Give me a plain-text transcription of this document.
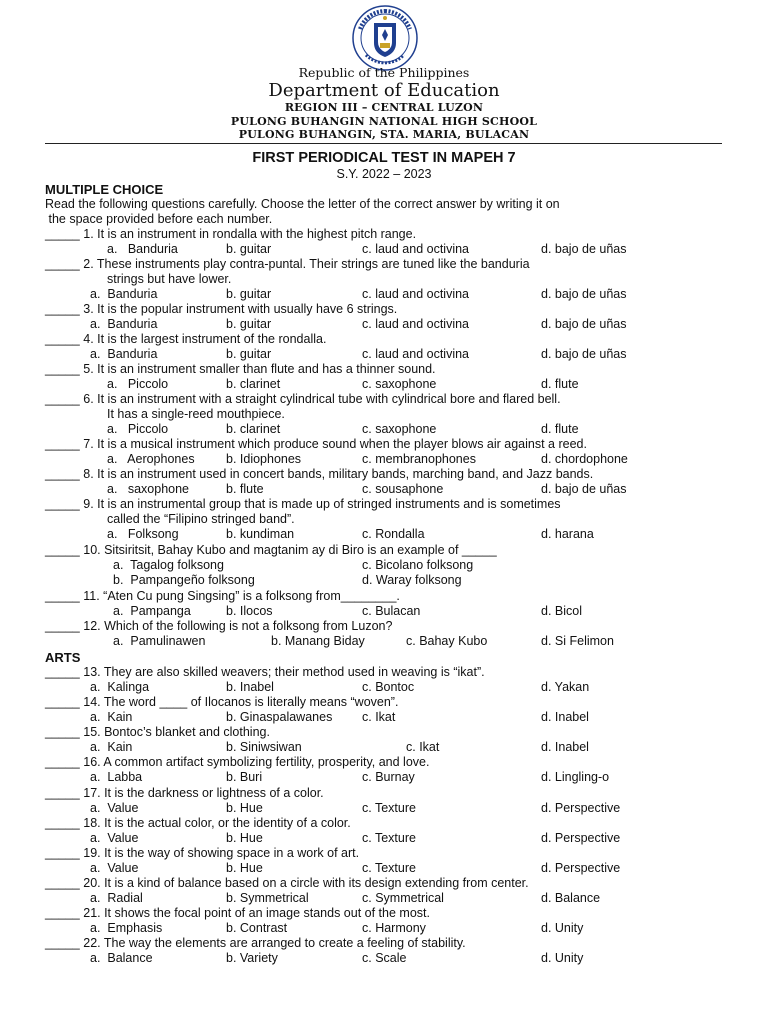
Republic of the Philippines
Department of Education
REGION III – CENTRAL LUZON
PULONG BUHANGIN NATIONAL HIGH SCHOOL
PULONG BUHANGIN, STA. MARIA, BULACAN
FIRST PERIODICAL TEST IN MAPEH 7
S.Y. 2022 – 2023
MULTIPLE CHOICE
Read the following questions carefully. Choose the letter of the correct answer by writing it on
the space provided before each number.
_____ 1. It is an instrument in rondalla with the highest pitch range.
a.   Banduria	b. guitar	c. laud and octivina	d. bajo de uñas
_____ 2. These instruments play contra-puntal. Their strings are tuned like the banduria
strings but have lower.
a.  Banduria	b. guitar	c. laud and octivina	d. bajo de uñas
_____ 3. It is the popular instrument with usually have 6 strings.
a.  Banduria	b. guitar	c. laud and octivina	d. bajo de uñas
_____ 4. It is the largest instrument of the rondalla.
a.  Banduria	b. guitar	c. laud and octivina	d. bajo de uñas
_____ 5. It is an instrument smaller than flute and has a thinner sound.
a.   Piccolo	b. clarinet	c. saxophone	d. flute
_____ 6. It is an instrument with a straight cylindrical tube with cylindrical bore and flared bell.
It has a single-reed mouthpiece.
a.   Piccolo	b. clarinet	c. saxophone	d. flute
_____ 7. It is a musical instrument which produce sound when the player blows air against a reed.
a.   Aerophones	b. Idiophones	c. membranophones	d. chordophone
_____ 8. It is an instrument used in concert bands, military bands, marching band, and Jazz bands.
a.   saxophone	b. flute	c. sousaphone	d. bajo de uñas
_____ 9. It is an instrumental group that is made up of stringed instruments and is sometimes
called the “Filipino stringed band”.
a.   Folksong	b. kundiman	c. Rondalla	d. harana
_____ 10. Sitsiritsit, Bahay Kubo and magtanim ay di Biro is an example of _____
a.  Tagalog folksong
b.  Pampangeño folksong
c. Bicolano folksong
d. Waray folksong
_____ 11. “Aten Cu pung Singsing” is a folksong from________.
a.  Pampanga	b. Ilocos	c. Bulacan	d. Bicol
_____ 12. Which of the following is not a folksong from Luzon?
a.  Pamulinawen	b. Manang Biday	c. Bahay Kubo	d. Si Felimon
ARTS
_____ 13. They are also skilled weavers; their method used in weaving is “ikat”.
a.  Kalinga	b. Inabel	c. Bontoc	d. Yakan
_____ 14. The word ____ of Ilocanos is literally means “woven”.
a.  Kain	b. Ginaspalawanes c. Ikat	d. Inabel
_____ 15. Bontoc’s blanket and clothing.
a.  Kain	b. Siniwsiwan	c. Ikat	d. Inabel
_____ 16. A common artifact symbolizing fertility, prosperity, and love.
a.  Labba	b. Buri	c. Burnay	d. Lingling-o
_____ 17. It is the darkness or lightness of a color.
a.  Value	b. Hue	c. Texture	d. Perspective
_____ 18. It is the actual color, or the identity of a color.
a.  Value	b. Hue	c. Texture	d. Perspective
_____ 19. It is the way of showing space in a work of art.
a.  Value	b. Hue	c. Texture	d. Perspective
_____ 20. It is a kind of balance based on a circle with its design extending from center.
a.  Radial	b. Symmetrical	c. Symmetrical	d. Balance
_____ 21. It shows the focal point of an image stands out of the most.
a.  Emphasis	b. Contrast	c. Harmony	d. Unity
_____ 22. The way the elements are arranged to create a feeling of stability.
a.  Balance	b. Variety	c. Scale	d. Unity
